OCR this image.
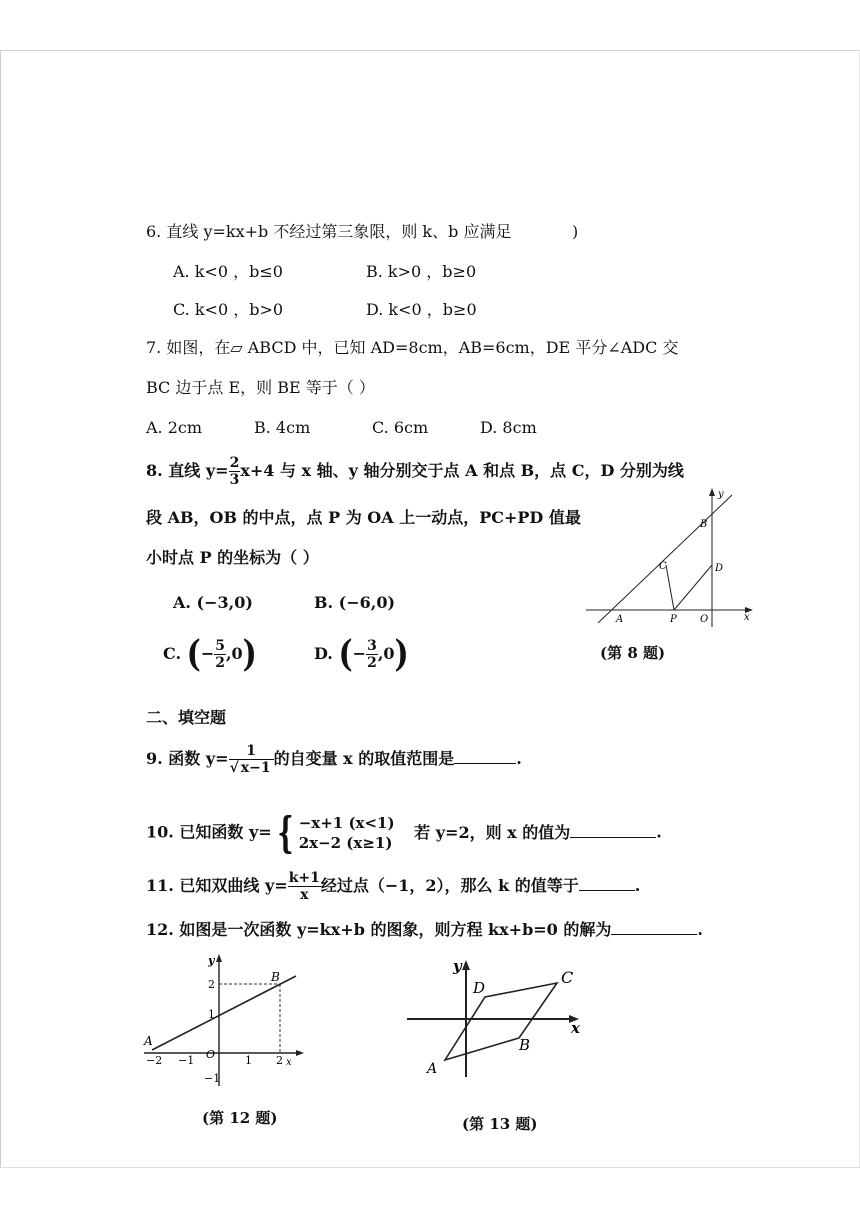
6. 直线 y=kx+b 不经过第三象限，则 k、b 应满足	)
A. k<0 ，b≤0	B. k>0 ，b≥0
C. k<0 ，b>0	D. k<0 ，b≥0
7. 如图，在▱ ABCD 中，已知 AD=8cm，AB=6cm，DE 平分∠ADC 交
BC 边于点 E，则 BE 等于（ ）
A. 2cm	B. 4cm	C. 6cm	D. 8cm
8. 直线 $y= \frac{2}{3} x+4$ 与 x 轴、y 轴分别交于点 A 和点 B，点 C，D 分别为线
段 AB，OB 的中点，点 P 为 OA 上一动点，PC+PD 值最
小时点 P 的坐标为（ ）
A. (−3,0)	B. (−6,0)
C. (− $\frac{5}{2} ,0$)	D. (− $\frac{3}{2} ,0$)
y
x
B
C	D
A	P O
(第 8 题)
二、填空题
9. 函数 $y= \frac{1}{√ x-1}$ 的自变量 x 的取值范围是	.
10. 已知函数 y= { −x+1 (x<1)
2x−2 (x≥1)
若 y=2，则 x 的值为	.
11. 已知双曲线 $y= \frac{k+1}{x}$ 经过点（−1，2），那么 k 的值等于	.
12. 如图是一次函数 y=kx+b 的图象，则方程 kx+b=0 的解为	.
y
x
A
B
O
−2 −1	1 2
2
1
−1
(第 12 题)
y
x
A
B
C
D
(第 13 题)
